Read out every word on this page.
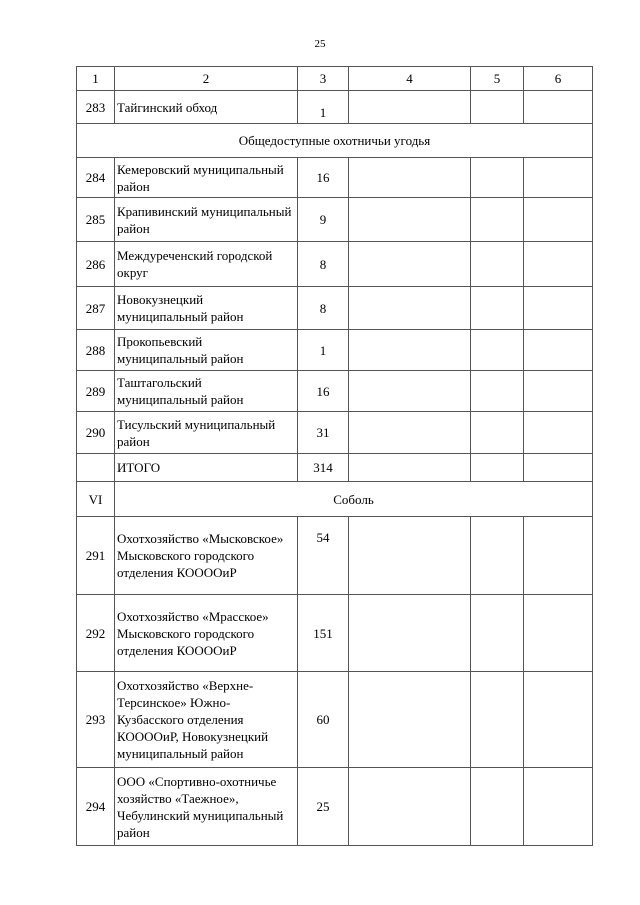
25
1	2	3	4	5	6
283	Тайгинский обход	1			
Общедоступные охотничьи угодья					
284	Кемеровский муниципальный район	16			
285	Крапивинский муниципальный район	9			
286	Междуреченский городской округ	8			
287	Новокузнецкий муниципальный район	8			
288	Прокопьевский муниципальный район	1			
289	Таштагольский муниципальный район	16			
290	Тисульский муниципальный район	31			
	ИТОГО	314			
VI	Соболь				
291	Охотхозяйство «Мысковское» Мысковского городского отделения КООООиР	54			
292	Охотхозяйство «Мрасское» Мысковского городского отделения КООООиР	151			
293	Охотхозяйство «Верхне-Терсинское» Южно-Кузбасского отделения КООООиР, Новокузнецкий муниципальный район	60			
294	ООО «Спортивно-охотничье хозяйство «Таежное», Чебулинский муниципальный район	25			
